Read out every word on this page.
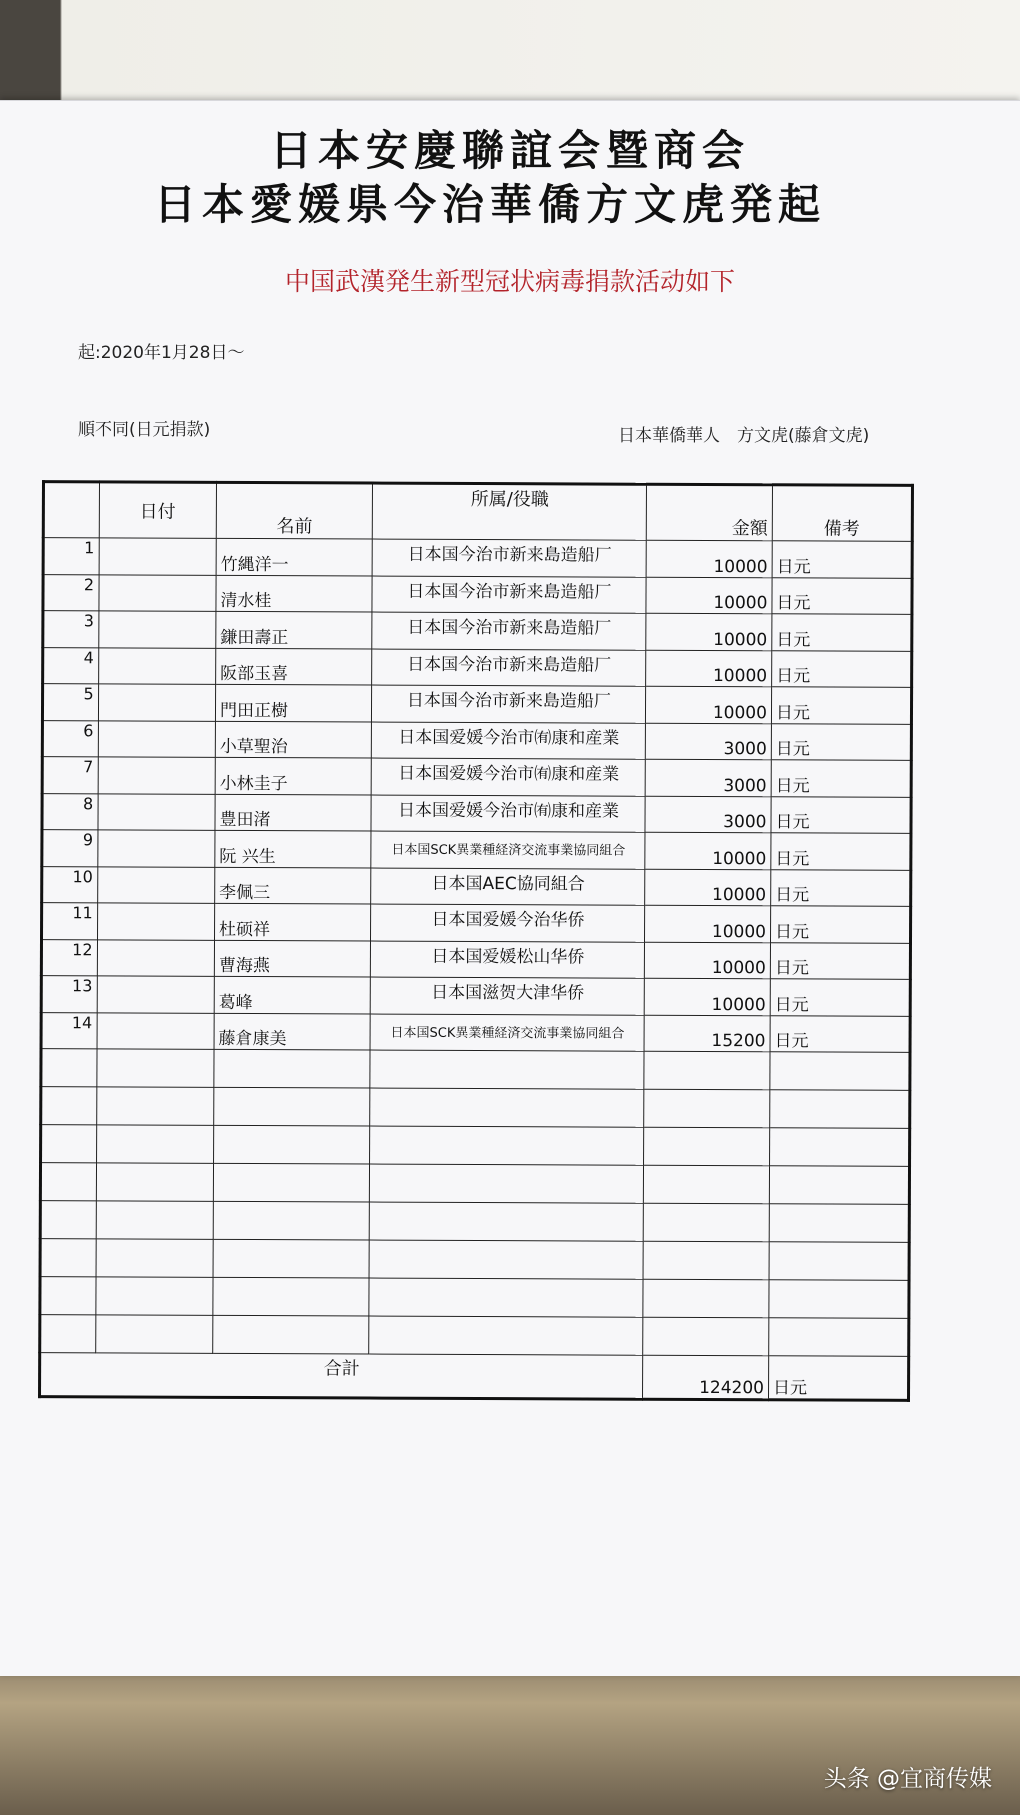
日本安慶聯誼会暨商会
日本愛媛県今治華僑方文虎発起
中国武漢発生新型冠状病毒捐款活动如下
起:2020年1月28日～
順不同(日元捐款)	日本華僑華人　方文虎(藤倉文虎)
	日付	名前	所属/役職	金額	備考
1		竹縄洋一	日本国今治市新来島造船厂	10000	日元
2		清水桂	日本国今治市新来島造船厂	10000	日元
3		鎌田壽正	日本国今治市新来島造船厂	10000	日元
4		阪部玉喜	日本国今治市新来島造船厂	10000	日元
5		門田正樹	日本国今治市新来島造船厂	10000	日元
6		小草聖治	日本国爱媛今治市㈲康和産業	3000	日元
7		小林圭子	日本国爱媛今治市㈲康和産業	3000	日元
8		豊田渚	日本国爱媛今治市㈲康和産業	3000	日元
9		阮 兴生	日本国SCK異業種経済交流事業協同組合	10000	日元
10		李佩三	日本国AEC協同組合	10000	日元
11		杜硕祥	日本国爱媛今治华侨	10000	日元
12		曹海燕	日本国爱媛松山华侨	10000	日元
13		葛峰	日本国滋贺大津华侨	10000	日元
14		藤倉康美	日本国SCK異業種経済交流事業協同組合	15200	日元

合計				124200	日元
头条 @宜商传媒
